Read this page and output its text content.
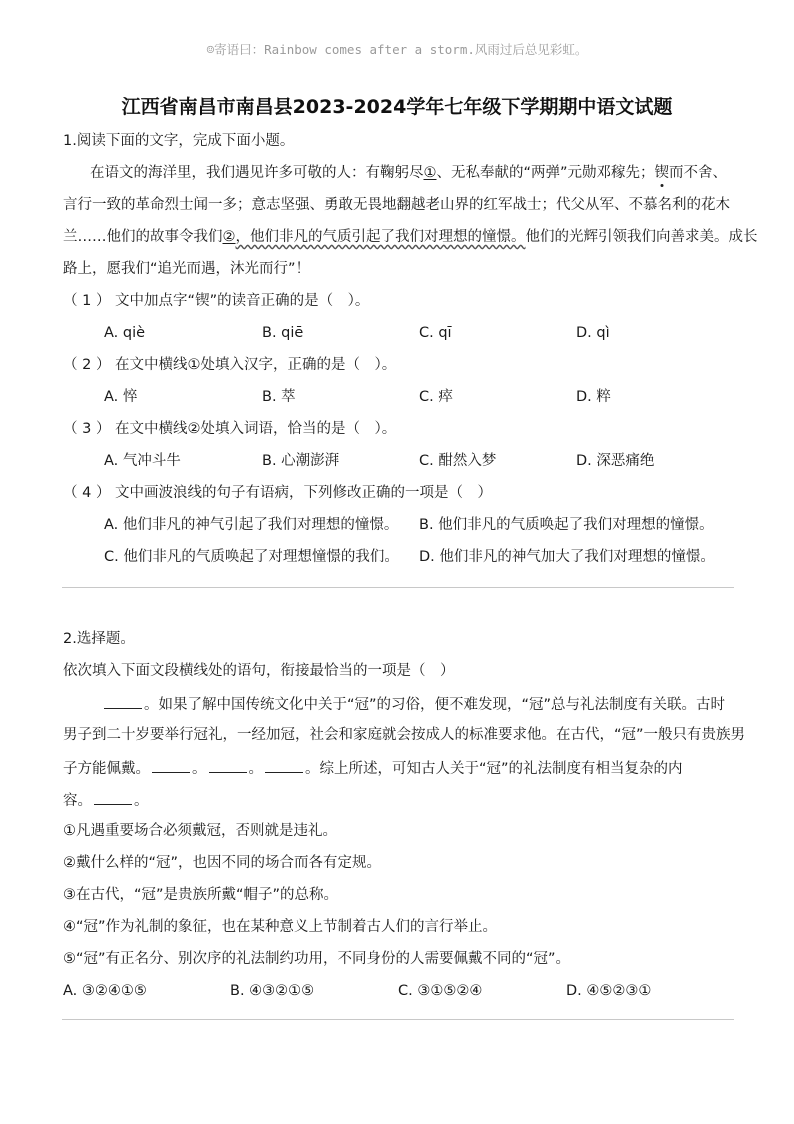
☺寄语曰：Rainbow comes after a storm.风雨过后总见彩虹。
江西省南昌市南昌县2023-2024学年七年级下学期期中语文试题
1.阅读下面的文字，完成下面小题。
在语文的海洋里，我们遇见许多可敬的人：有鞠躬尽①、无私奉献的“两弹”元勋邓稼先；锲而不舍、
言行一致的革命烈士闻一多；意志坚强、勇敢无畏地翻越老山界的红军战士；代父从军、不慕名利的花木
兰……他们的故事令我们②，他们非凡的气质引起了我们对理想的憧憬。他们的光辉引领我们向善求美。成长
路上，愿我们“追光而遇，沐光而行”！
（ 1 ） 文中加点字“锲”的读音正确的是（　）。
A. qiè	B. qiē	C. qī	D. qì
（ 2 ） 在文中横线①处填入汉字，正确的是（　）。
A. 悴	B. 萃	C. 瘁	D. 粹
（ 3 ） 在文中横线②处填入词语，恰当的是（　）。
A. 气冲斗牛	B. 心潮澎湃	C. 酣然入梦	D. 深恶痛绝
（ 4 ） 文中画波浪线的句子有语病，下列修改正确的一项是（　）
A. 他们非凡的神气引起了我们对理想的憧憬。 B. 他们非凡的气质唤起了我们对理想的憧憬。
C. 他们非凡的气质唤起了对理想憧憬的我们。 D. 他们非凡的神气加大了我们对理想的憧憬。
2.选择题。
依次填入下面文段横线处的语句，衔接最恰当的一项是（　）
。如果了解中国传统文化中关于“冠”的习俗，便不难发现，“冠”总与礼法制度有关联。古时
男子到二十岁要举行冠礼，一经加冠，社会和家庭就会按成人的标准要求他。在古代，“冠”一般只有贵族男
子方能佩戴。	。	。	。综上所述，可知古人关于“冠”的礼法制度有相当复杂的内
容。	。
①凡遇重要场合必须戴冠，否则就是违礼。
②戴什么样的“冠”，也因不同的场合而各有定规。
③在古代，“冠”是贵族所戴“帽子”的总称。
④“冠”作为礼制的象征，也在某种意义上节制着古人们的言行举止。
⑤“冠”有正名分、别次序的礼法制约功用，不同身份的人需要佩戴不同的“冠”。
A. ③②④①⑤	B. ④③②①⑤	C. ③①⑤②④	D. ④⑤②③①
